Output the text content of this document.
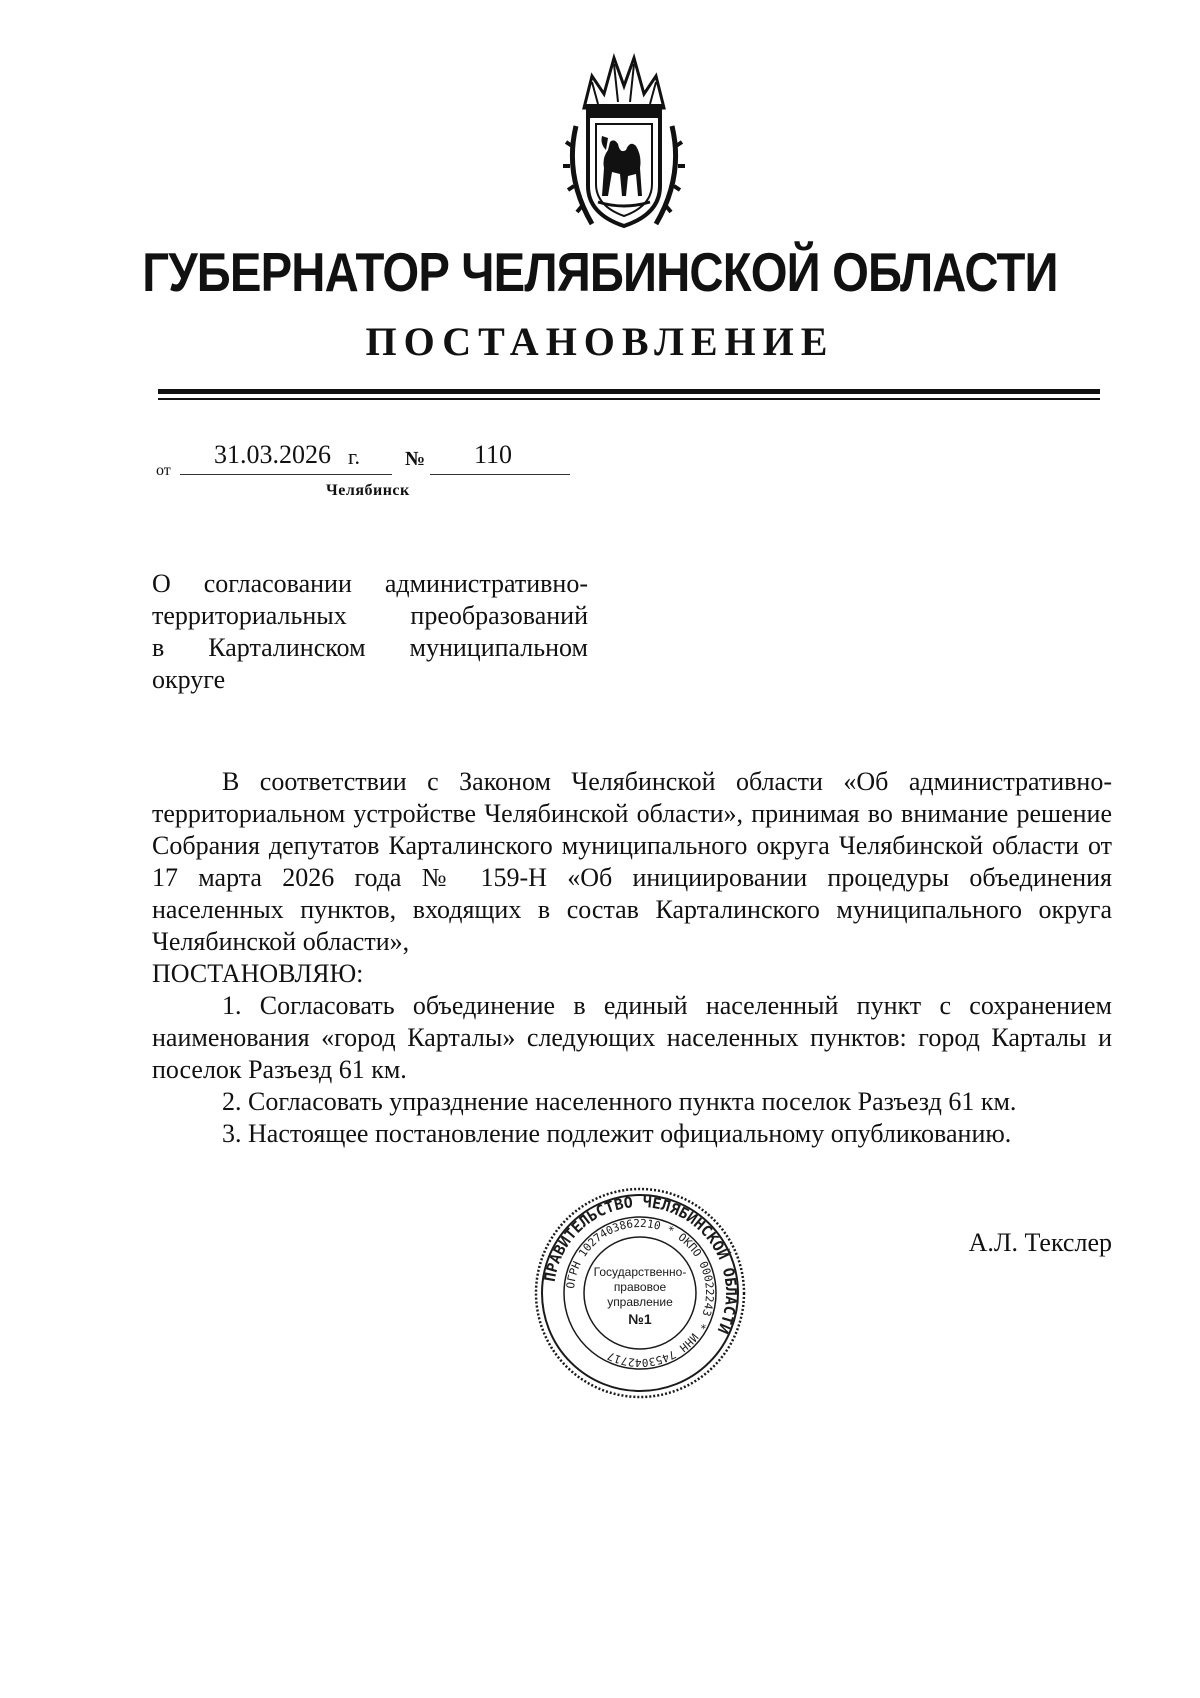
ГУБЕРНАТОР ЧЕЛЯБИНСКОЙ ОБЛАСТИ
ПОСТАНОВЛЕНИЕ
от
31.03.2026 г. № 110
Челябинск
О согласовании административно-
территориальных преобразований
в Карталинском муниципальном
округе

В соответствии с Законом Челябинской области «Об административно-территориальном устройстве Челябинской области», принимая во внимание решение Собрания депутатов Карталинского муниципального округа Челябинской области от 17 марта 2026 года № 159-Н «Об инициировании процедуры объединения населенных пунктов, входящих в состав Карталинского муниципального округа Челябинской области»,

ПОСТАНОВЛЯЮ:

1. Согласовать объединение в единый населенный пункт с сохранением наименования «город Карталы» следующих населенных пунктов: город Карталы и поселок Разъезд 61 км.

2. Согласовать упразднение населенного пункта поселок Разъезд 61 км.

3. Настоящее постановление подлежит официальному опубликованию.

ПРАВИТЕЛЬСТВО ЧЕЛЯБИНСКОЙ ОБЛАСТИ
ОГРН 1027403862210 * ОКПО 00022243 * ИНН 7453042717
Государственно-
правовое
управление
№1
А.Л. Текслер
